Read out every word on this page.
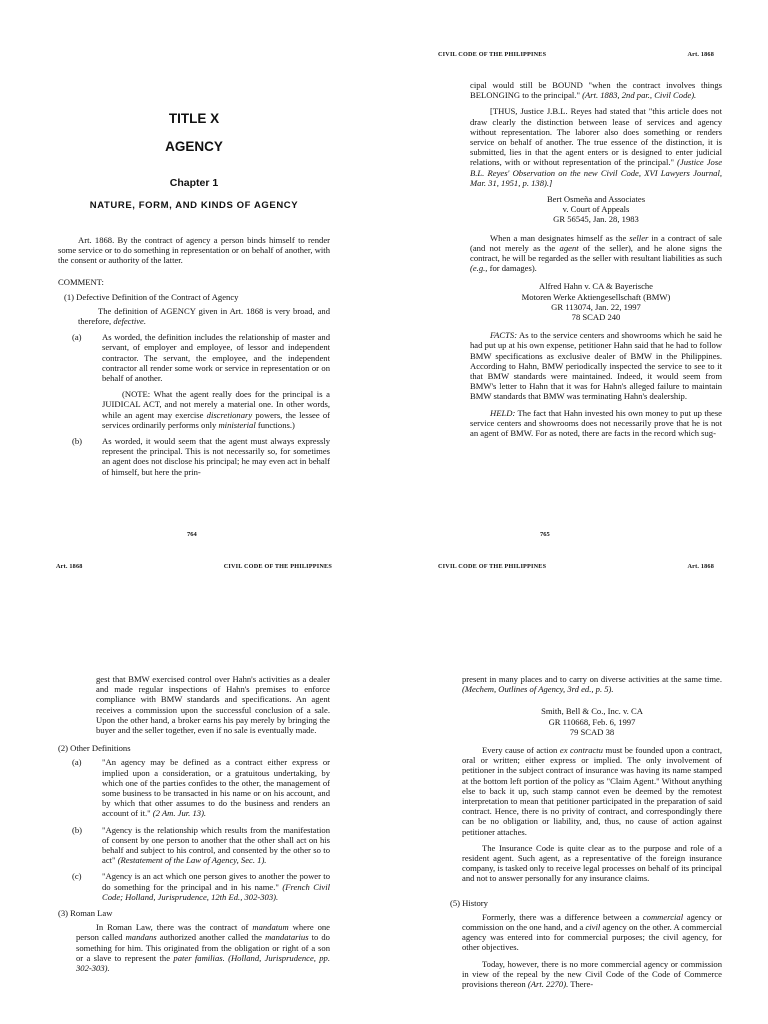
TITLE X
AGENCY
Chapter 1
NATURE, FORM, AND KINDS OF AGENCY

Art. 1868. By the contract of agency a person binds himself to render some service or to do something in representation or on behalf of another, with the consent or authority of the latter.

COMMENT:

(1) Defective Definition of the Contract of Agency

The definition of AGENCY given in Art. 1868 is very broad, and therefore, defective.

(a)	As worded, the definition includes the relationship of master and servant, of employer and employee, of lessor and independent contractor. The servant, the employee, and the independent contractor all render some work or service in representation or on behalf of another.

(NOTE: What the agent really does for the principal is a JUIDICAL ACT, and not merely a material one. In other words, while an agent may exercise discretionary powers, the lessee of services ordinarily performs only ministerial functions.)

(b)	As worded, it would seem that the agent must always expressly represent the principal. This is not necessarily so, for sometimes an agent does not disclose his principal; he may even act in behalf of himself, but here the prin-
764
CIVIL CODE OF THE PHILIPPINES	Art. 1868

cipal would still be BOUND "when the contract involves things BELONGING to the principal." (Art. 1883, 2nd par., Civil Code).

[THUS, Justice J.B.L. Reyes had stated that "this article does not draw clearly the distinction between lease of services and agency without representation. The laborer also does something or renders service on behalf of another. The true essence of the distinction, it is submitted, lies in that the agent enters or is designed to enter judicial relations, with or without representation of the principal." (Justice Jose B.L. Reyes' Observation on the new Civil Code, XVI Lawyers Journal, Mar. 31, 1951, p. 138).]

Bert Osmeña and Associates

v. Court of Appeals

GR 56545, Jan. 28, 1983

When a man designates himself as the seller in a contract of sale (and not merely as the agent of the seller), and he alone signs the contract, he will be regarded as the seller with resultant liabilities as such (e.g., for damages).

Alfred Hahn v. CA & Bayerische

Motoren Werke Aktiengesellschaft (BMW)

GR 113074, Jan. 22, 1997

78 SCAD 240

FACTS: As to the service centers and showrooms which he said he had put up at his own expense, petitioner Hahn said that he had to follow BMW specifications as exclusive dealer of BMW in the Philippines. According to Hahn, BMW periodically inspected the service to see to it that BMW standards were maintained. Indeed, it would seem from BMW's letter to Hahn that it was for Hahn's alleged failure to maintain BMW standards that BMW was terminating Hahn's dealership.

HELD: The fact that Hahn invested his own money to put up these service centers and showrooms does not necessarily prove that he is not an agent of BMW. For as noted, there are facts in the record which sug-

765
Art. 1868	CIVIL CODE OF THE PHILIPPINES

gest that BMW exercised control over Hahn's activities as a dealer and made regular inspections of Hahn's premises to enforce compliance with BMW standards and specifications. An agent receives a commission upon the successful conclusion of a sale. Upon the other hand, a broker earns his pay merely by bringing the buyer and the seller together, even if no sale is eventually made.

(2) Other Definitions

(a)	"An agency may be defined as a contract either express or implied upon a consideration, or a gratuitous undertaking, by which one of the parties confides to the other, the management of some business to be transacted in his name or on his account, and by which that other assumes to do the business and renders an account of it." (2 Am. Jur. 13).
(b)	"Agency is the relationship which results from the manifestation of consent by one person to another that the other shall act on his behalf and subject to his control, and consented by the other so to act" (Restatement of the Law of Agency, Sec. 1).
(c)	"Agency is an act which one person gives to another the power to do something for the principal and in his name." (French Civil Code; Holland, Jurisprudence, 12th Ed., 302-303).

(3) Roman Law

In Roman Law, there was the contract of mandatum where one person called mandans authorized another called the mandatarius to do something for him. This originated from the obligation or right of a son or a slave to represent the pater familias. (Holland, Jurisprudence, pp. 302-303).

CIVIL CODE OF THE PHILIPPINES	Art. 1868

present in many places and to carry on diverse activities at the same time. (Mechem, Outlines of Agency, 3rd ed., p. 5).

Smith, Bell & Co., Inc. v. CA

GR 110668, Feb. 6, 1997

79 SCAD 38

Every cause of action ex contractu must be founded upon a contract, oral or written; either express or implied. The only involvement of petitioner in the subject contract of insurance was having its name stamped at the bottom left portion of the policy as "Claim Agent." Without anything else to back it up, such stamp cannot even be deemed by the remotest interpretation to mean that petitioner participated in the preparation of said contract. Hence, there is no privity of contract, and correspondingly there can be no obligation or liability, and, thus, no cause of action against petitioner attaches.

The Insurance Code is quite clear as to the purpose and role of a resident agent. Such agent, as a representative of the foreign insurance company, is tasked only to receive legal processes on behalf of its principal and not to answer personally for any insurance claims.

(5) History

Formerly, there was a difference between a commercial agency or commission on the one hand, and a civil agency on the other. A commercial agency was entered into for commercial purposes; the civil agency, for other objectives.

Today, however, there is no more commercial agency or commission in view of the repeal by the new Civil Code of the Code of Commerce provisions thereon (Art. 2270). There-
